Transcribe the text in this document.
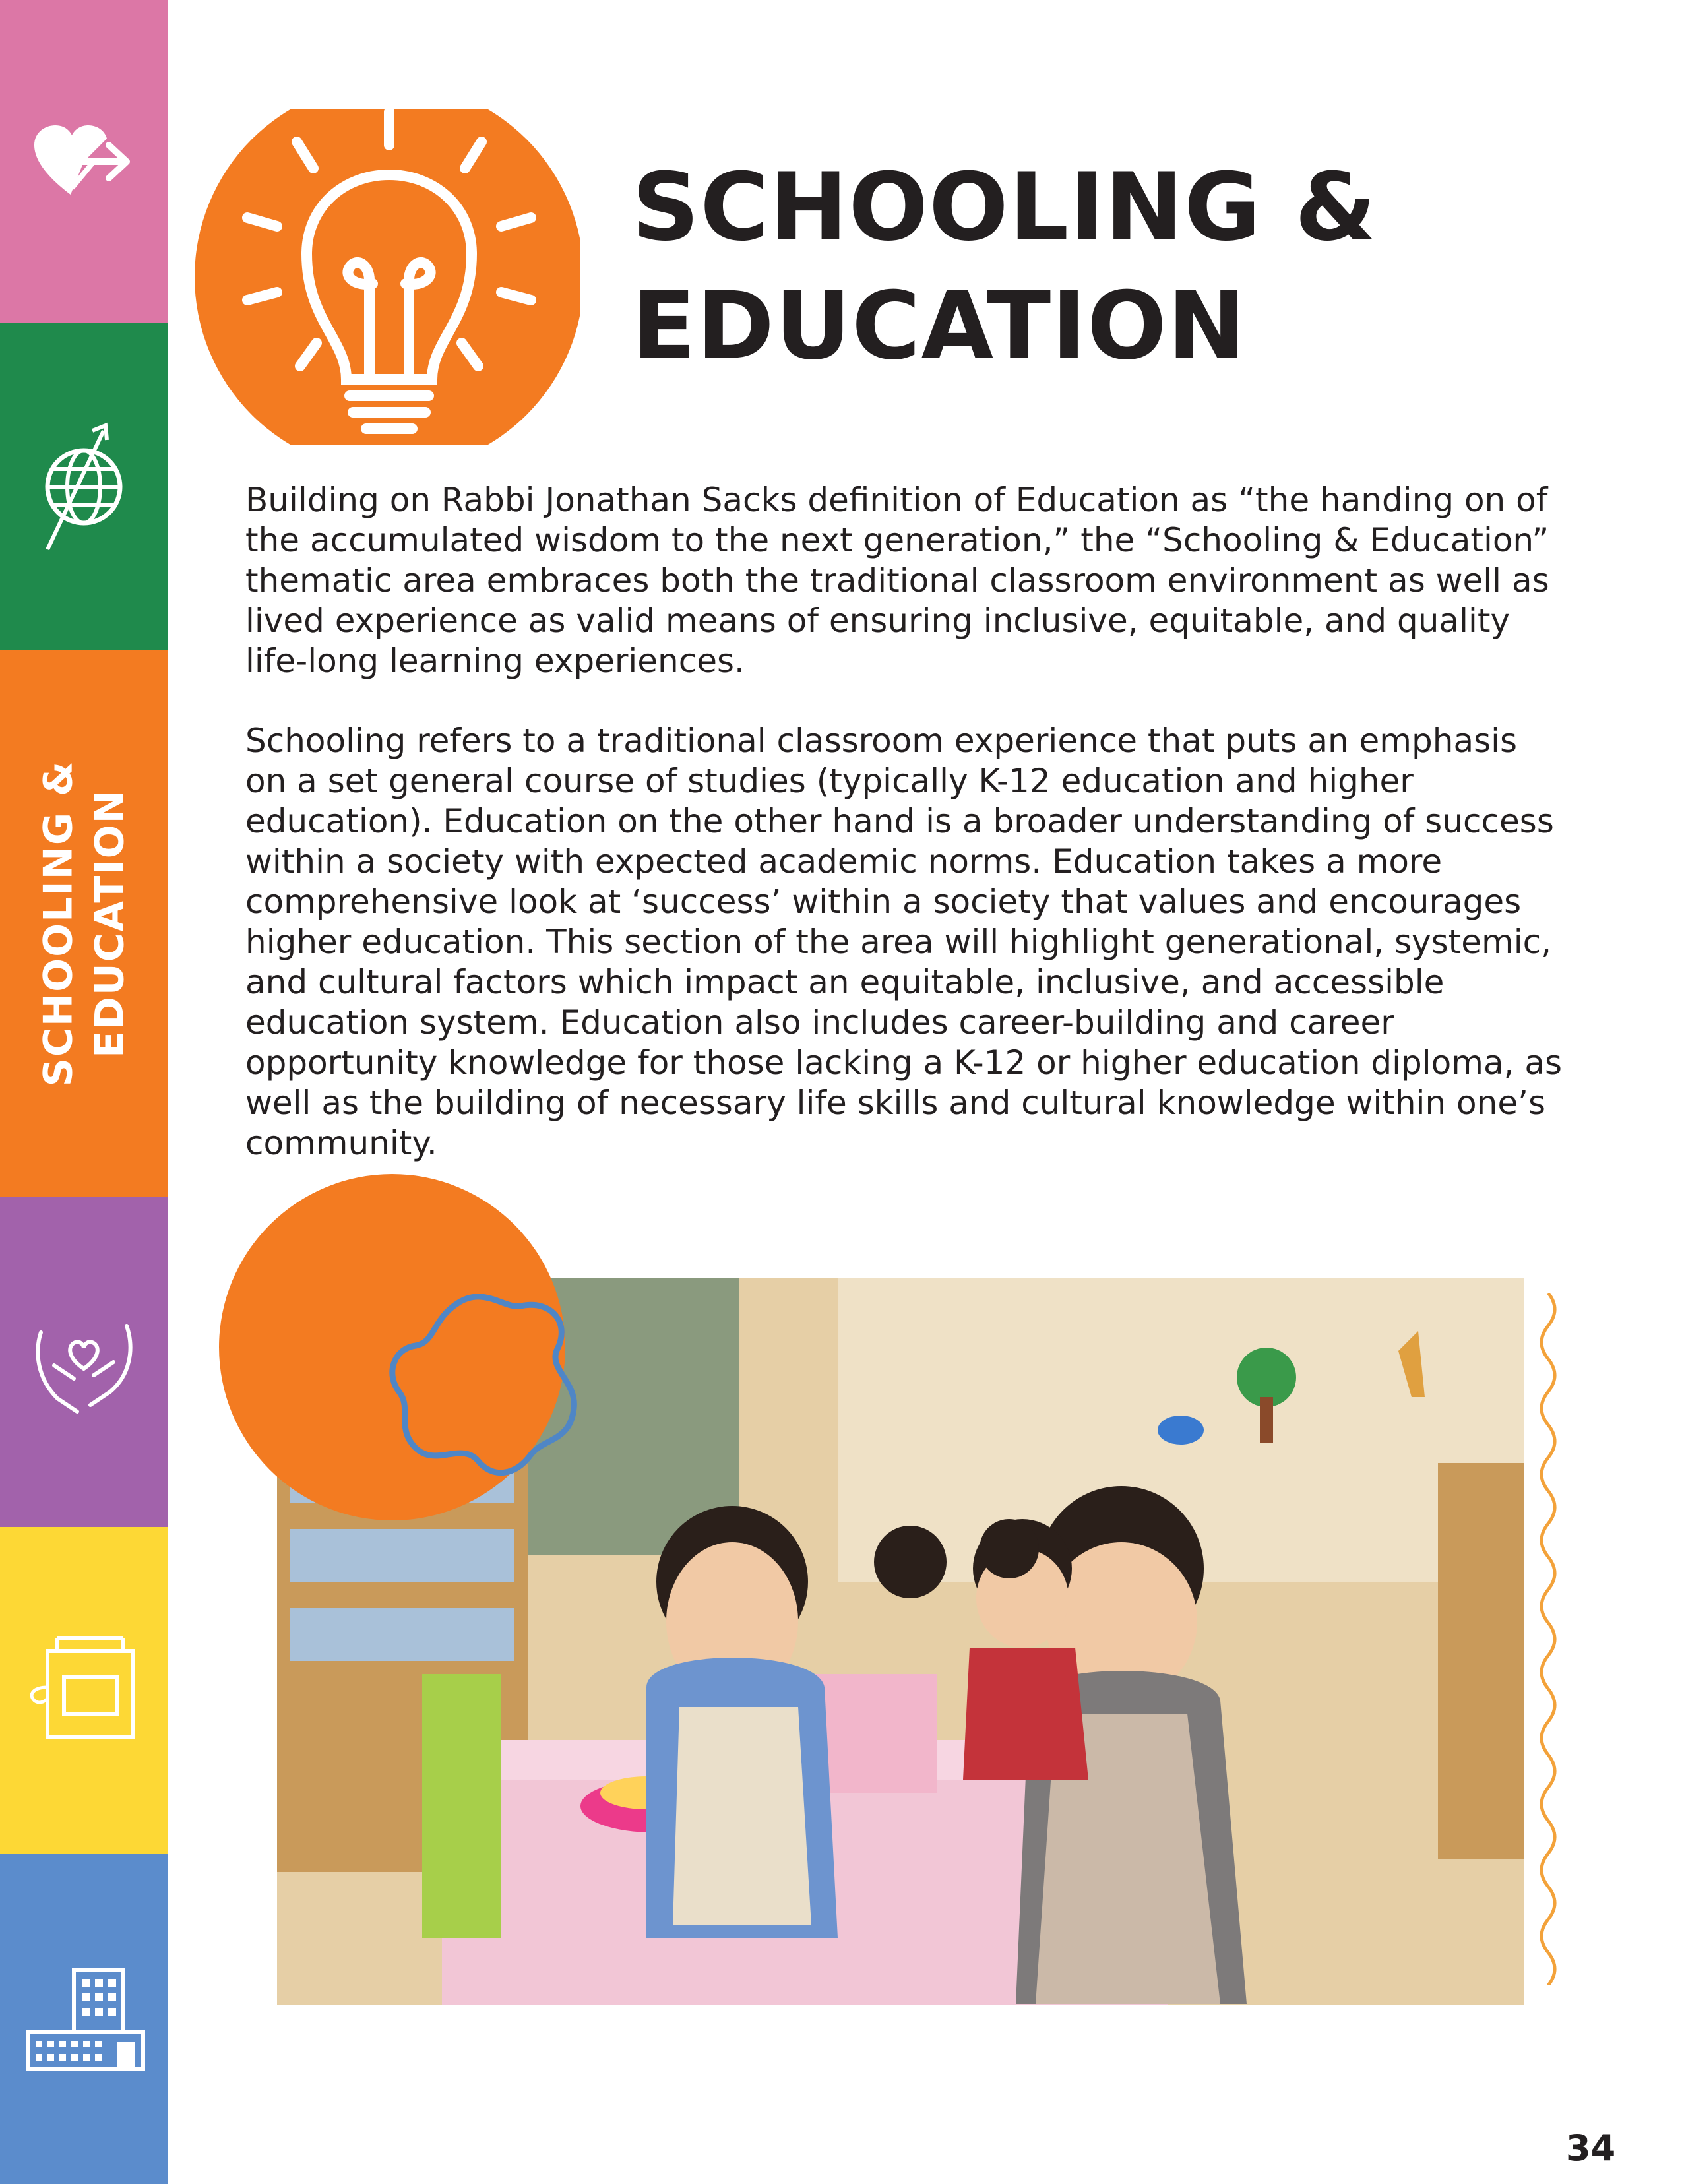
SCHOOLING & EDUCATION
SCHOOLING &
EDUCATION

Building on Rabbi Jonathan Sacks definition of Education as “the handing on of the accumulated wisdom to the next generation,” the “Schooling & Education” thematic area embraces both the traditional classroom environment as well as lived experience as valid means of ensuring inclusive, equitable, and quality life-long learning experiences.

Schooling refers to a traditional classroom experience that puts an emphasis on a set general course of studies (typically K-12 education and higher education). Education on the other hand is a broader understanding of success within a society with expected academic norms. Education takes a more comprehensive look at ‘success’ within a society that values and encourages higher education. This section of the area will highlight generational, systemic, and cultural factors which impact an equitable, inclusive, and accessible education system. Education also includes career-building and career opportunity knowledge for those lacking a K-12 or higher education diploma, as well as the building of necessary life skills and cultural knowledge within one’s community.

34
